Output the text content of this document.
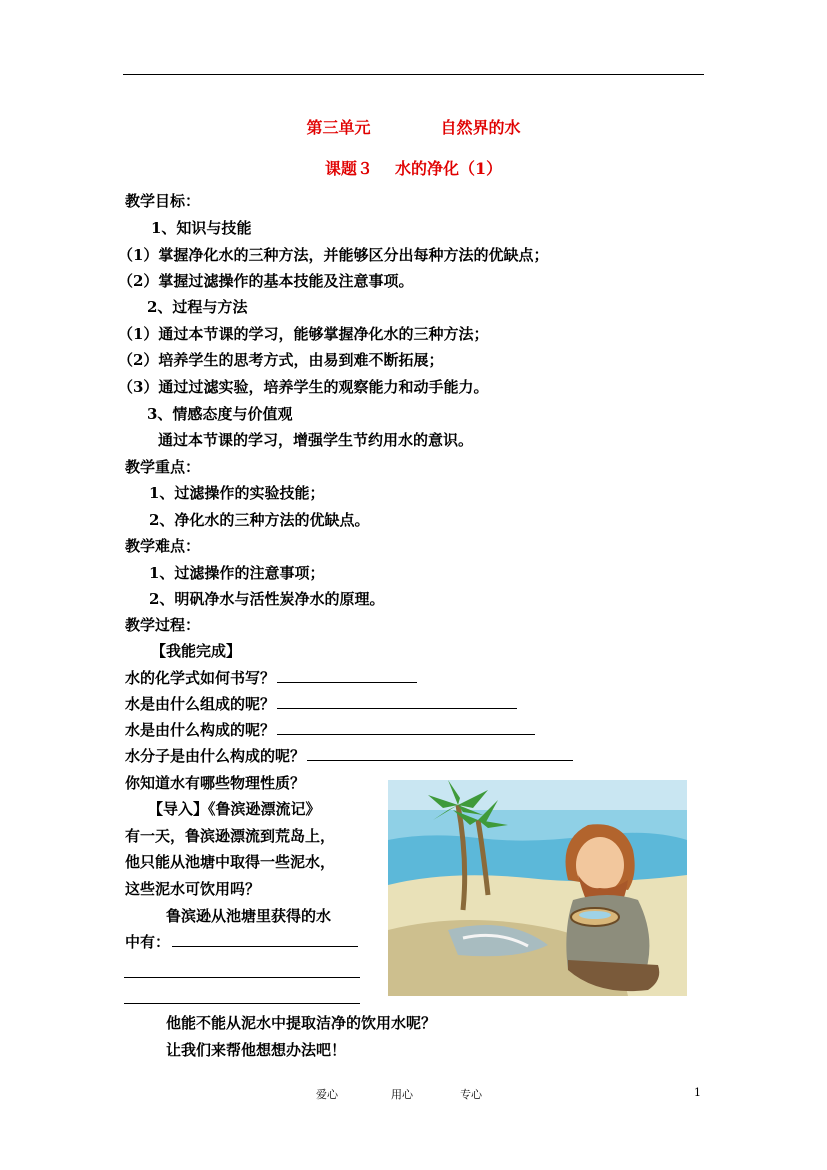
第三单元	自然界的水
课题３ 水的净化（1）
教学目标：
1、知识与技能
（1）掌握净化水的三种方法，并能够区分出每种方法的优缺点；
（2）掌握过滤操作的基本技能及注意事项。
2、过程与方法
（1）通过本节课的学习，能够掌握净化水的三种方法；
（2）培养学生的思考方式，由易到难不断拓展；
（3）通过过滤实验，培养学生的观察能力和动手能力。
3、情感态度与价值观
通过本节课的学习，增强学生节约用水的意识。
教学重点：
1、过滤操作的实验技能；
2、净化水的三种方法的优缺点。
教学难点：
1、过滤操作的注意事项；
2、明矾净水与活性炭净水的原理。
教学过程：
【我能完成】
水的化学式如何书写？
水是由什么组成的呢？
水是由什么构成的呢？
水分子是由什么构成的呢？
你知道水有哪些物理性质？
【导入】《鲁滨逊漂流记》
有一天，鲁滨逊漂流到荒岛上，
他只能从池塘中取得一些泥水，
这些泥水可饮用吗？
鲁滨逊从池塘里获得的水
中有：
他能不能从泥水中提取洁净的饮用水呢？
让我们来帮他想想办法吧！
爱心	用心	专心	1
